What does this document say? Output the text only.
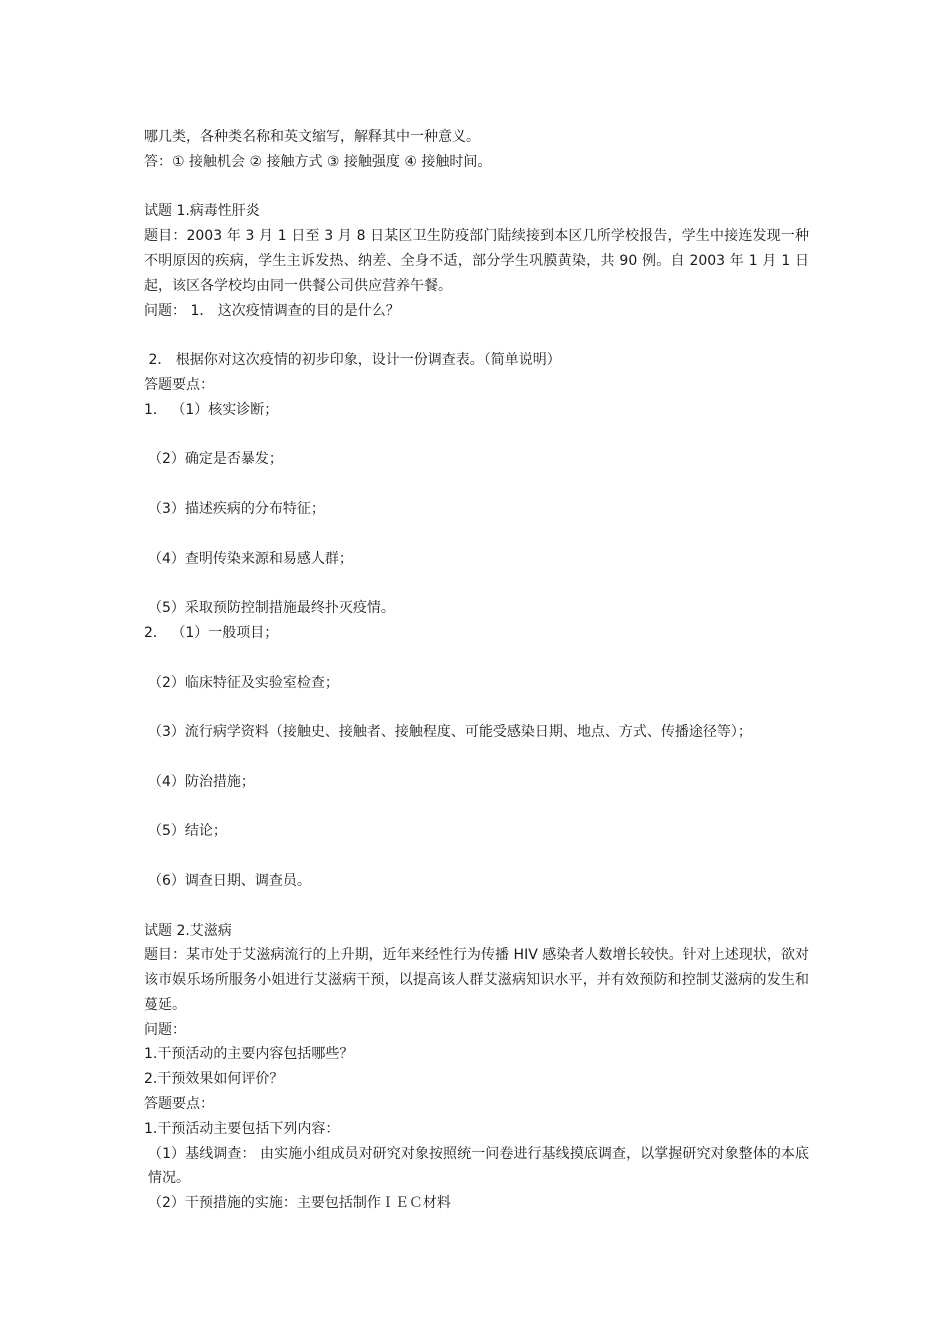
哪几类，各种类名称和英文缩写，解释其中一种意义。
答：① 接触机会 ② 接触方式 ③ 接触强度 ④ 接触时间。
试题 1.病毒性肝炎
题目：2003 年 3 月 1 日至 3 月 8 日某区卫生防疫部门陆续接到本区几所学校报告，学生中接连发现一种不明原因的疾病，学生主诉发热、纳差、全身不适，部分学生巩膜黄染，共 90 例。自 2003 年 1 月 1 日起，该区各学校均由同一供餐公司供应营养午餐。
问题： 1． 这次疫情调查的目的是什么？
2． 根据你对这次疫情的初步印象，设计一份调查表。（简单说明）
答题要点：
1． （1）核实诊断；
（2）确定是否暴发；
（3）描述疾病的分布特征；
（4）查明传染来源和易感人群；
（5）采取预防控制措施最终扑灭疫情。
2． （1）一般项目；
（2）临床特征及实验室检查；
（3）流行病学资料（接触史、接触者、接触程度、可能受感染日期、地点、方式、传播途径等）；
（4）防治措施；
（5）结论；
（6）调查日期、调查员。
试题 2.艾滋病
题目：某市处于艾滋病流行的上升期，近年来经性行为传播 HIV 感染者人数增长较快。针对上述现状，欲对该市娱乐场所服务小姐进行艾滋病干预，以提高该人群艾滋病知识水平，并有效预防和控制艾滋病的发生和蔓延。
问题：
1.干预活动的主要内容包括哪些？
2.干预效果如何评价？
答题要点：
1.干预活动主要包括下列内容：
（1）基线调查： 由实施小组成员对研究对象按照统一问卷进行基线摸底调查，以掌握研究对象整体的本底情况。
（2）干预措施的实施：主要包括制作ＩＥＣ材料
